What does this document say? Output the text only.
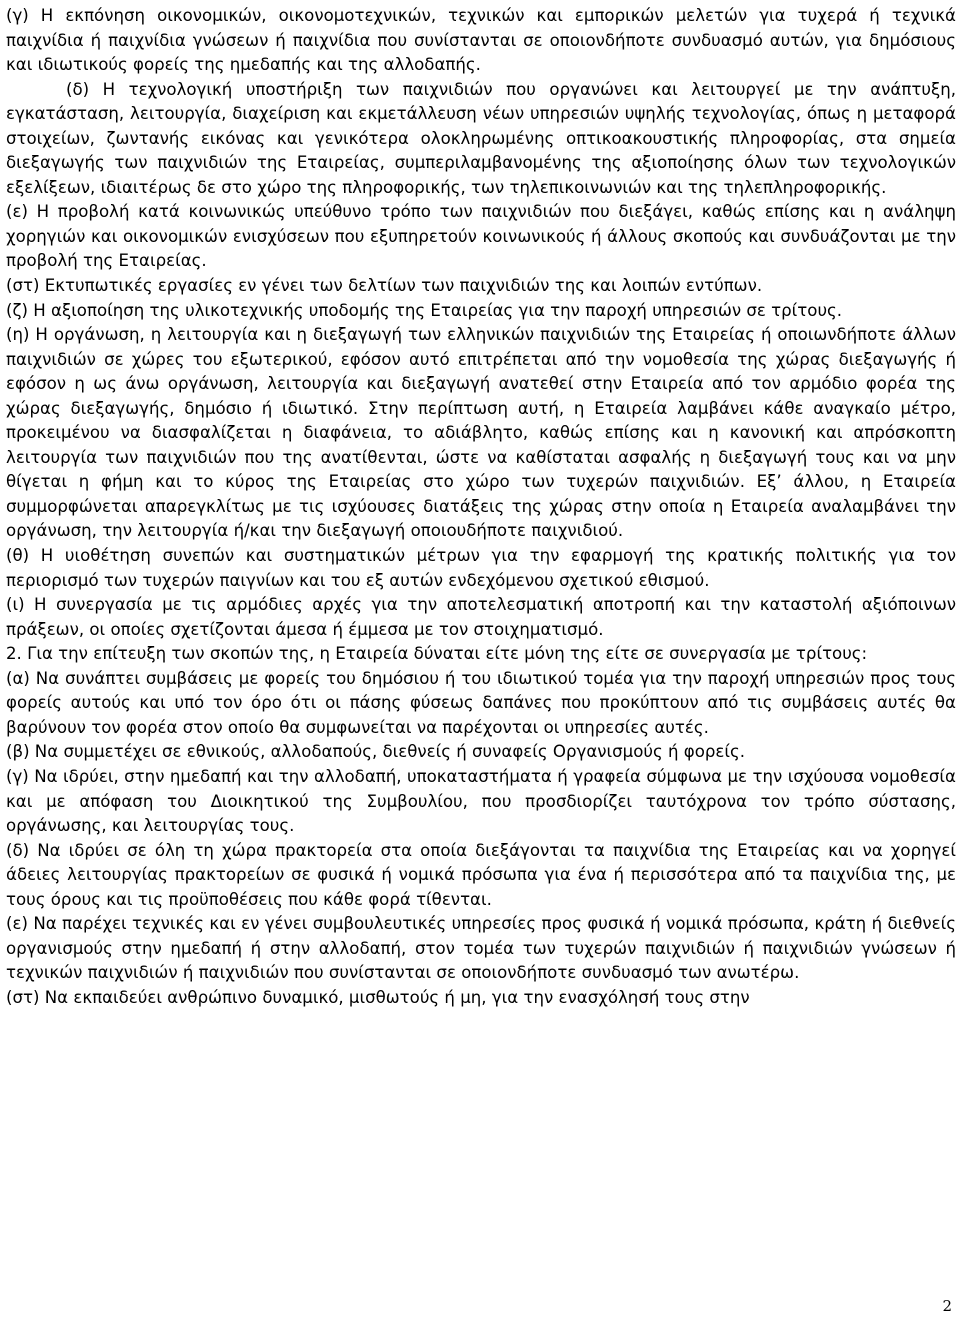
(γ) Η εκπόνηση οικονομικών, οικονομοτεχνικών, τεχνικών και εμπορικών μελετών για τυχερά ή τεχνικά παιχνίδια ή παιχνίδια γνώσεων ή παιχνίδια που συνίστανται σε οποιονδήποτε συνδυασμό αυτών, για δημόσιους και ιδιωτικούς φορείς της ημεδαπής και της αλλοδαπής.

(δ) Η τεχνολογική υποστήριξη των παιχνιδιών που οργανώνει και λειτουργεί με την ανάπτυξη, εγκατάσταση, λειτουργία, διαχείριση και εκμετάλλευση νέων υπηρεσιών υψηλής τεχνολογίας, όπως η μεταφορά στοιχείων, ζωντανής εικόνας και γενικότερα ολοκληρωμένης οπτικοακουστικής πληροφορίας, στα σημεία διεξαγωγής των παιχνιδιών της Εταιρείας, συμπεριλαμβανομένης της αξιοποίησης όλων των τεχνολογικών εξελίξεων, ιδιαιτέρως δε στο χώρο της πληροφορικής, των τηλεπικοινωνιών και της τηλεπληροφορικής.

(ε) Η προβολή κατά κοινωνικώς υπεύθυνο τρόπο των παιχνιδιών που διεξάγει, καθώς επίσης και η ανάληψη χορηγιών και οικονομικών ενισχύσεων που εξυπηρετούν κοινωνικούς ή άλλους σκοπούς και συνδυάζονται με την προβολή της Εταιρείας.

(στ) Εκτυπωτικές εργασίες εν γένει των δελτίων των παιχνιδιών της και λοιπών εντύπων.

(ζ) Η αξιοποίηση της υλικοτεχνικής υποδομής της Εταιρείας για την παροχή υπηρεσιών σε τρίτους.

(η) Η οργάνωση, η λειτουργία και η διεξαγωγή των ελληνικών παιχνιδιών της Εταιρείας ή οποιωνδήποτε άλλων παιχνιδιών σε χώρες του εξωτερικού, εφόσον αυτό επιτρέπεται από την νομοθεσία της χώρας διεξαγωγής ή εφόσον η ως άνω οργάνωση, λειτουργία και διεξαγωγή ανατεθεί στην Εταιρεία από τον αρμόδιο φορέα της χώρας διεξαγωγής, δημόσιο ή ιδιωτικό. Στην περίπτωση αυτή, η Εταιρεία λαμβάνει κάθε αναγκαίο μέτρο, προκειμένου να διασφαλίζεται η διαφάνεια, το αδιάβλητο, καθώς επίσης και η κανονική και απρόσκοπτη λειτουργία των παιχνιδιών που της ανατίθενται, ώστε να καθίσταται ασφαλής η διεξαγωγή τους και να μην θίγεται η φήμη και το κύρος της Εταιρείας στο χώρο των τυχερών παιχνιδιών. Εξ’ άλλου, η Εταιρεία συμμορφώνεται απαρεγκλίτως με τις ισχύουσες διατάξεις της χώρας στην οποία η Εταιρεία αναλαμβάνει την οργάνωση, την λειτουργία ή/και την διεξαγωγή οποιουδήποτε παιχνιδιού.

(θ) Η υιοθέτηση συνεπών και συστηματικών μέτρων για την εφαρμογή της κρατικής πολιτικής για τον περιορισμό των τυχερών παιγνίων και του εξ αυτών ενδεχόμενου σχετικού εθισμού.

(ι) Η συνεργασία με τις αρμόδιες αρχές για την αποτελεσματική αποτροπή και την καταστολή αξιόποινων πράξεων, οι οποίες σχετίζονται άμεσα ή έμμεσα με τον στοιχηματισμό.

2. Για την επίτευξη των σκοπών της, η Εταιρεία δύναται είτε μόνη της είτε σε συνεργασία με τρίτους:

(α) Να συνάπτει συμβάσεις με φορείς του δημόσιου ή του ιδιωτικού τομέα για την παροχή υπηρεσιών προς τους φορείς αυτούς και υπό τον όρο ότι οι πάσης φύσεως δαπάνες που προκύπτουν από τις συμβάσεις αυτές θα βαρύνουν τον φορέα στον οποίο θα συμφωνείται να παρέχονται οι υπηρεσίες αυτές.

(β) Να συμμετέχει σε εθνικούς, αλλοδαπούς, διεθνείς ή συναφείς Οργανισμούς ή φορείς.

(γ) Να ιδρύει, στην ημεδαπή και την αλλοδαπή, υποκαταστήματα ή γραφεία σύμφωνα με την ισχύουσα νομοθεσία και με απόφαση του Διοικητικού της Συμβουλίου, που προσδιορίζει ταυτόχρονα τον τρόπο σύστασης, οργάνωσης, και λειτουργίας τους.

(δ) Να ιδρύει σε όλη τη χώρα πρακτορεία στα οποία διεξάγονται τα παιχνίδια της Εταιρείας και να χορηγεί άδειες λειτουργίας πρακτορείων σε φυσικά ή νομικά πρόσωπα για ένα ή περισσότερα από τα παιχνίδια της, με τους όρους και τις προϋποθέσεις που κάθε φορά τίθενται.

(ε) Να παρέχει τεχνικές και εν γένει συμβουλευτικές υπηρεσίες προς φυσικά ή νομικά πρόσωπα, κράτη ή διεθνείς οργανισμούς στην ημεδαπή ή στην αλλοδαπή, στον τομέα των τυχερών παιχνιδιών ή παιχνιδιών γνώσεων ή τεχνικών παιχνιδιών ή παιχνιδιών που συνίστανται σε οποιονδήποτε συνδυασμό των ανωτέρω.

(στ) Να εκπαιδεύει ανθρώπινο δυναμικό, μισθωτούς ή μη, για την ενασχόλησή τους στην

2
